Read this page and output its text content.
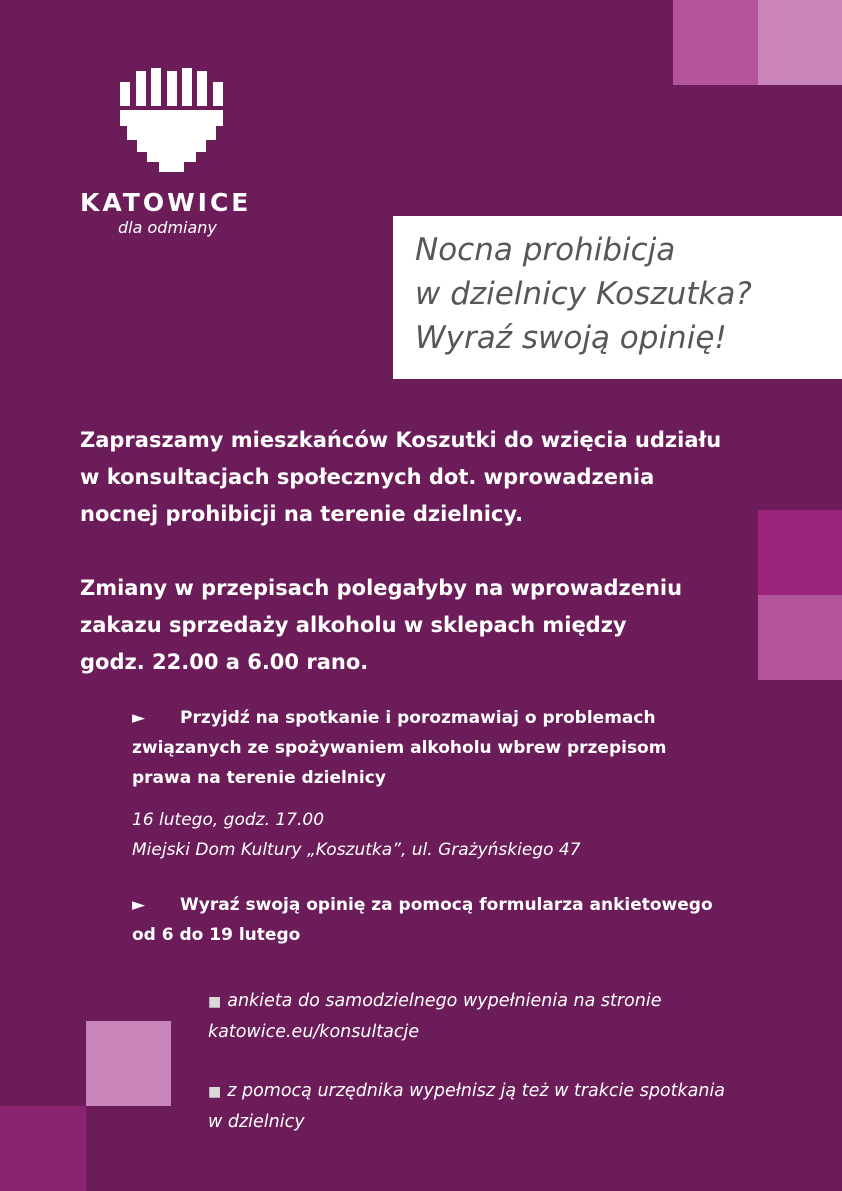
KATOWICE
dla odmiany
Nocna prohibicja
w dzielnicy Koszutka?
Wyraź swoją opinię!

Zapraszamy mieszkańców Koszutki do wzięcia udziału
w konsultacjach społecznych dot. wprowadzenia
nocnej prohibicji na terenie dzielnicy.

Zmiany w przepisach polegałyby na wprowadzeniu
zakazu sprzedaży alkoholu w sklepach między
godz. 22.00 a 6.00 rano.

► Przyjdź na spotkanie i porozmawiaj o problemach
związanych ze spożywaniem alkoholu wbrew przepisom
prawa na terenie dzielnicy
16 lutego, godz. 17.00
Miejski Dom Kultury „Koszutka”, ul. Grażyńskiego 47
► Wyraź swoją opinię za pomocą formularza ankietowego
od 6 do 19 lutego
■ ankieta do samodzielnego wypełnienia na stronie
katowice.eu/konsultacje
■ z pomocą urzędnika wypełnisz ją też w trakcie spotkania
w dzielnicy
